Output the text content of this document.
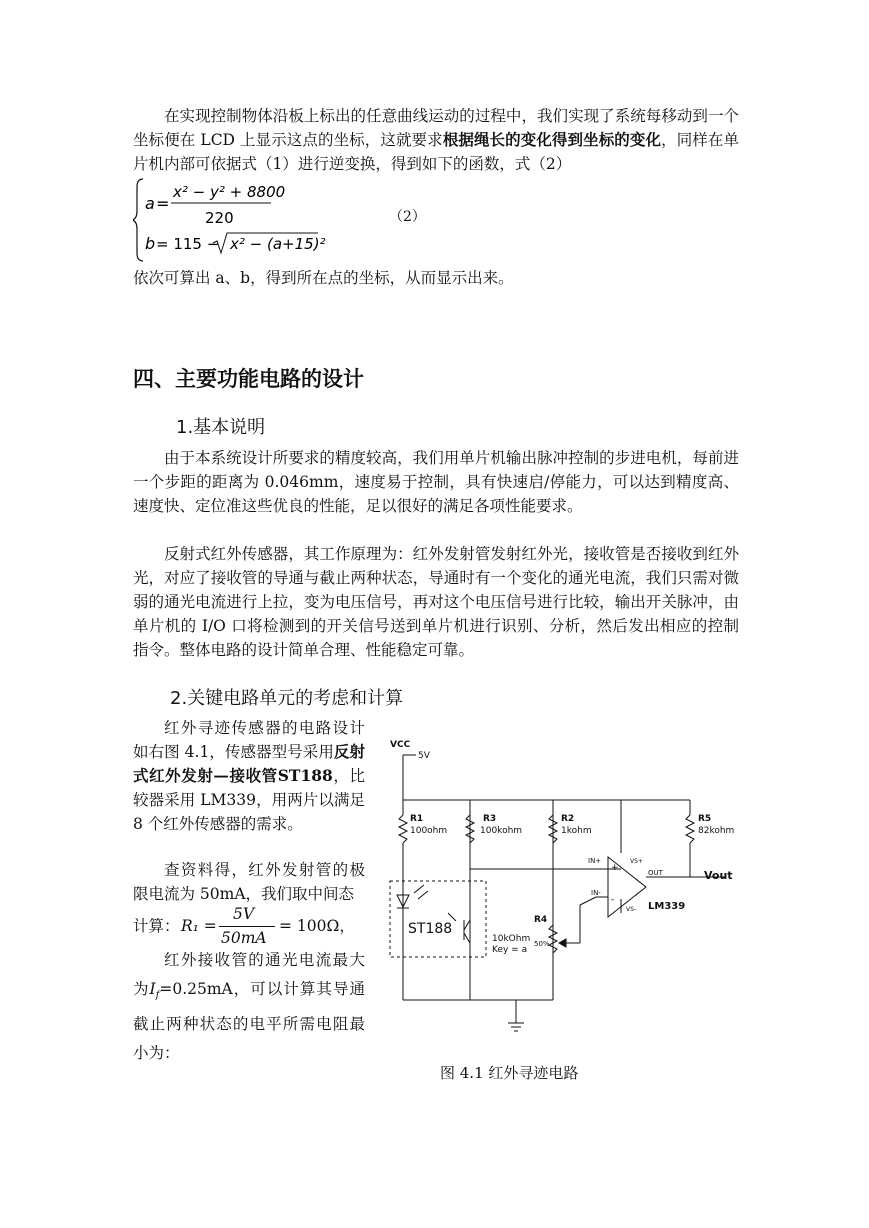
在实现控制物体沿板上标出的任意曲线运动的过程中，我们实现了系统每移动到一个坐标便在 LCD 上显示这点的坐标，这就要求根据绳长的变化得到坐标的变化，同样在单片机内部可依据式（1）进行逆变换，得到如下的函数，式（2）

a =
x² − y² + 8800
220
b = 115 − x² − (a+15)²
（2）

依次可算出 a、b，得到所在点的坐标，从而显示出来。

四、主要功能电路的设计
1.基本说明

由于本系统设计所要求的精度较高，我们用单片机输出脉冲控制的步进电机，每前进一个步距的距离为 0.046mm，速度易于控制，具有快速启/停能力，可以达到精度高、速度快、定位准这些优良的性能，足以很好的满足各项性能要求。

反射式红外传感器，其工作原理为：红外发射管发射红外光，接收管是否接收到红外光，对应了接收管的导通与截止两种状态，导通时有一个变化的通光电流，我们只需对微弱的通光电流进行上拉，变为电压信号，再对这个电压信号进行比较，输出开关脉冲，由单片机的 I/O 口将检测到的开关信号送到单片机进行识别、分析，然后发出相应的控制指令。整体电路的设计简单合理、性能稳定可靠。

2.关键电路单元的考虑和计算
红外寻迹传感器的电路设计如右图 4.1，传感器型号采用反射式红外发射—接收管ST188，比较器采用 LM339，用两片以满足 8 个红外传感器的需求。
查资料得，红外发射管的极限电流为 50mA，我们取中间态
计算： R₁ =
5V
50mA
= 100Ω，
红外接收管的通光电流最大为$I_f=0.25mA$，可以计算其导通截止两种状态的电平所需电阻最小为：
VCC
5V
R1
100ohm
R3
100kohm
R2
1kohm
R5
82kohm
R4
10kOhm
Key = a
50%
ST188
IN+
IN-
VS+
VS-
OUT	Vout
LM339
+
-
图 4.1 红外寻迹电路
